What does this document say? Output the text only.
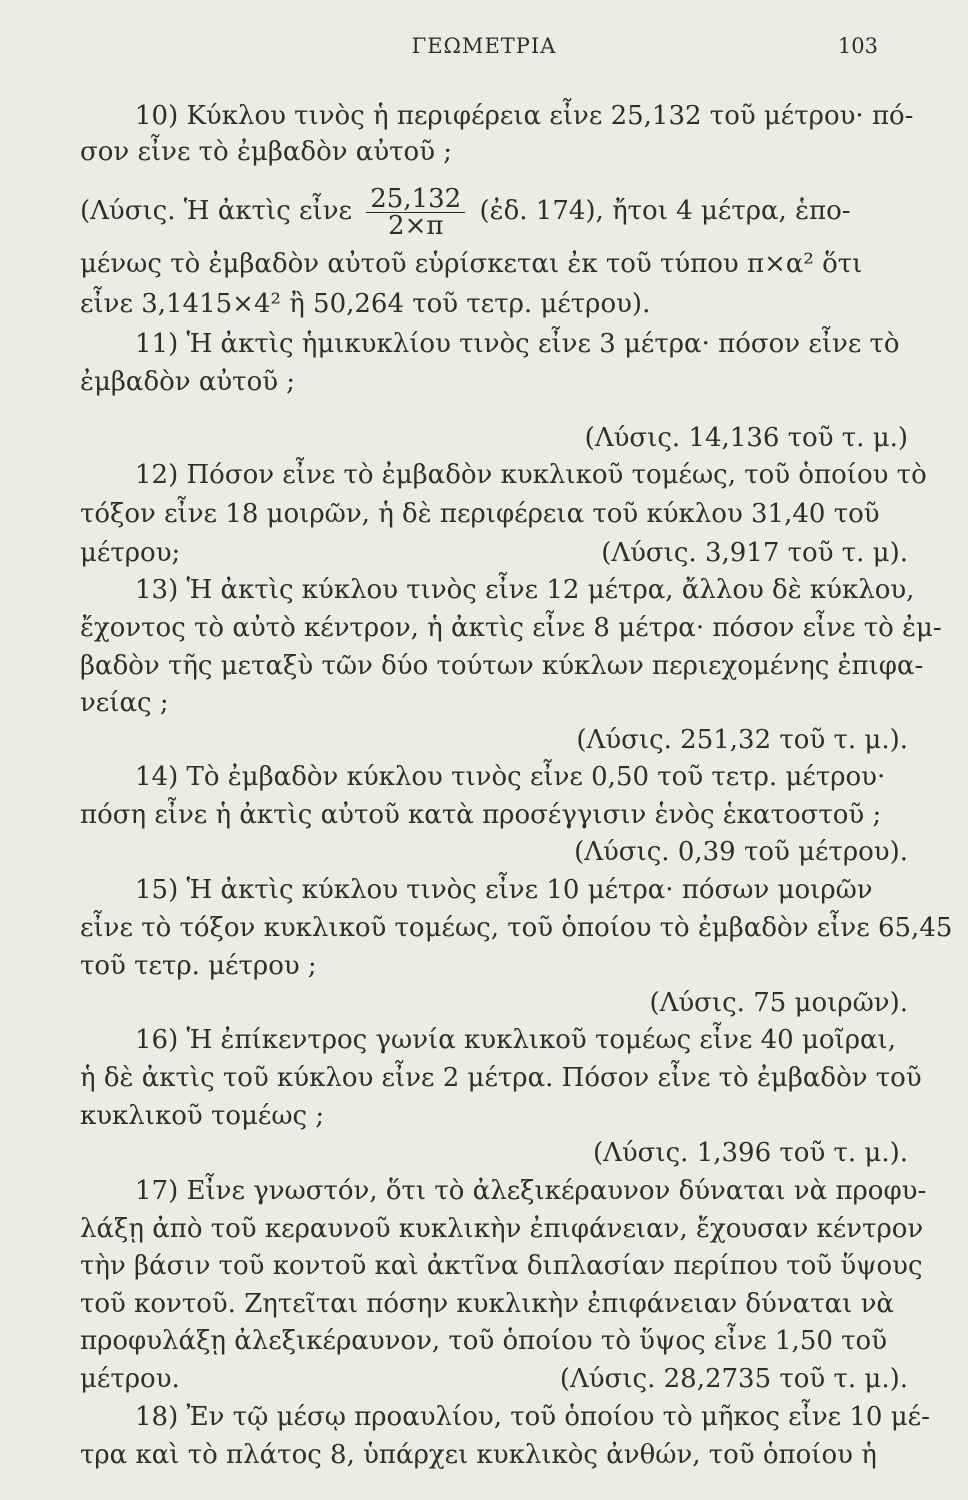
ΓΕΩΜΕΤΡΙΑ	103
10) Κύκλου τινὸς ἡ περιφέρεια εἶνε 25,132 τοῦ μέτρου· πό-
σον εἶνε τὸ ἐμβαδὸν αὐτοῦ ;
(Λύσις. Ἡ ἀκτὶς εἶνε $\frac{25,132}{2\times\pi}$ (ἐδ. 174), ἤτοι 4 μέτρα, ἑπο-
μένως τὸ ἐμβαδὸν αὐτοῦ εὑρίσκεται ἐκ τοῦ τύπου π×α² ὅτι
εἶνε 3,1415×4² ἢ 50,264 τοῦ τετρ. μέτρου).
11) Ἡ ἀκτὶς ἡμικυκλίου τινὸς εἶνε 3 μέτρα· πόσον εἶνε τὸ
ἐμβαδὸν αὐτοῦ ;
(Λύσις. 14,136 τοῦ τ. μ.)
12) Πόσον εἶνε τὸ ἐμβαδὸν κυκλικοῦ τομέως, τοῦ ὁποίου τὸ
τόξον εἶνε 18 μοιρῶν, ἡ δὲ περιφέρεια τοῦ κύκλου 31,40 τοῦ
μέτρου;	(Λύσις. 3,917 τοῦ τ. μ).
13) Ἡ ἀκτὶς κύκλου τινὸς εἶνε 12 μέτρα, ἄλλου δὲ κύκλου,
ἔχοντος τὸ αὐτὸ κέντρον, ἡ ἀκτὶς εἶνε 8 μέτρα· πόσον εἶνε τὸ ἐμ-
βαδὸν τῆς μεταξὺ τῶν δύο τούτων κύκλων περιεχομένης ἐπιφα-
νείας ;
(Λύσις. 251,32 τοῦ τ. μ.).
14) Τὸ ἐμβαδὸν κύκλου τινὸς εἶνε 0,50 τοῦ τετρ. μέτρου·
πόση εἶνε ἡ ἀκτὶς αὐτοῦ κατὰ προσέγγισιν ἑνὸς ἑκατοστοῦ ;
(Λύσις. 0,39 τοῦ μέτρου).
15) Ἡ ἀκτὶς κύκλου τινὸς εἶνε 10 μέτρα· πόσων μοιρῶν
εἶνε τὸ τόξον κυκλικοῦ τομέως, τοῦ ὁποίου τὸ ἐμβαδὸν εἶνε 65,45
τοῦ τετρ. μέτρου ;
(Λύσις. 75 μοιρῶν).
16) Ἡ ἐπίκεντρος γωνία κυκλικοῦ τομέως εἶνε 40 μοῖραι,
ἡ δὲ ἀκτὶς τοῦ κύκλου εἶνε 2 μέτρα. Πόσον εἶνε τὸ ἐμβαδὸν τοῦ
κυκλικοῦ τομέως ;
(Λύσις. 1,396 τοῦ τ. μ.).
17) Εἶνε γνωστόν, ὅτι τὸ ἀλεξικέραυνον δύναται νὰ προφυ-
λάξῃ ἀπὸ τοῦ κεραυνοῦ κυκλικὴν ἐπιφάνειαν, ἔχουσαν κέντρον
τὴν βάσιν τοῦ κοντοῦ καὶ ἀκτῖνα διπλασίαν περίπου τοῦ ὕψους
τοῦ κοντοῦ. Ζητεῖται πόσην κυκλικὴν ἐπιφάνειαν δύναται νὰ
προφυλάξῃ ἀλεξικέραυνον, τοῦ ὁποίου τὸ ὕψος εἶνε 1,50 τοῦ
μέτρου.	(Λύσις. 28,2735 τοῦ τ. μ.).
18) Ἐν τῷ μέσῳ προαυλίου, τοῦ ὁποίου τὸ μῆκος εἶνε 10 μέ-
τρα καὶ τὸ πλάτος 8, ὑπάρχει κυκλικὸς ἀνθών, τοῦ ὁποίου ἡ
